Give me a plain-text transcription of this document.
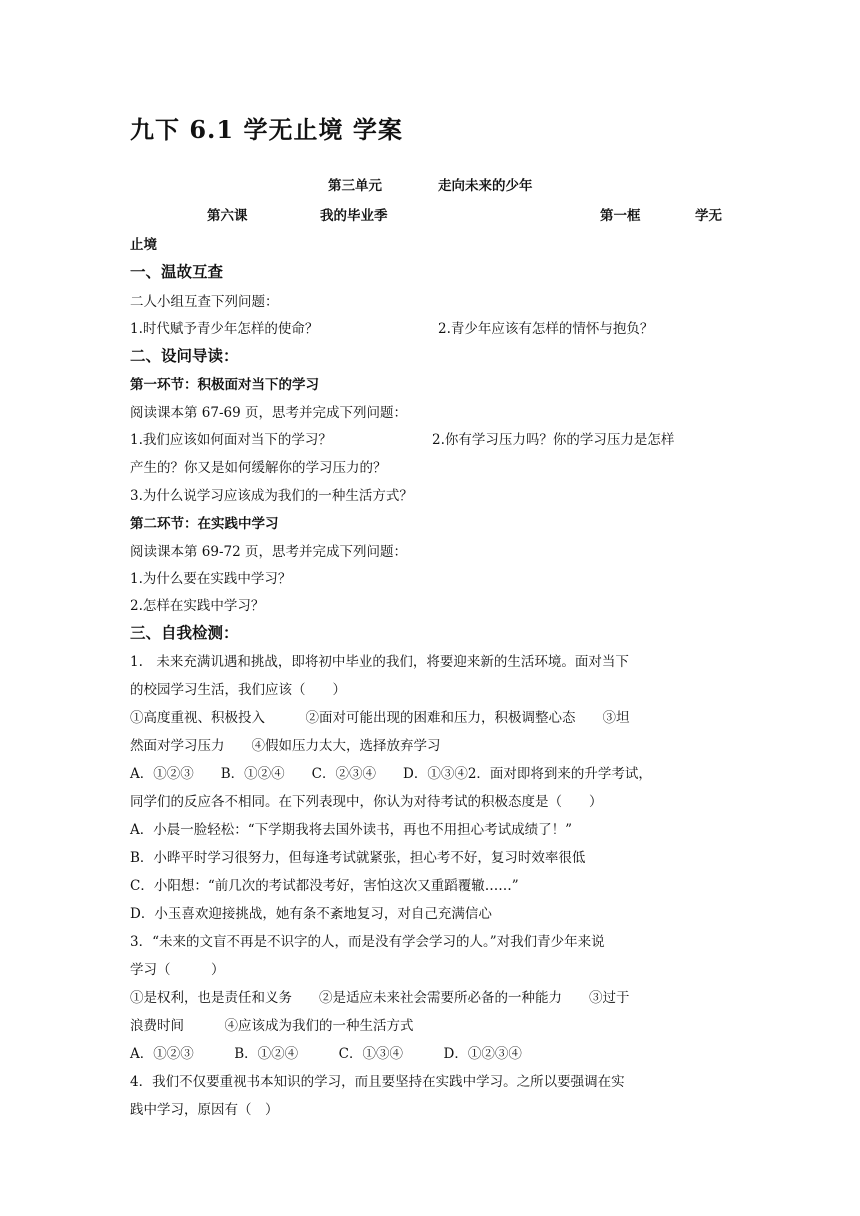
九下 6.1 学无止境 学案
第三单元	走向未来的少年
第六课	我的毕业季	第一框	学无
止境
一、温故互查
二人小组互查下列问题：
1.时代赋予青少年怎样的使命？	2.青少年应该有怎样的情怀与抱负？
二、设问导读：
第一环节：积极面对当下的学习
阅读课本第 67-69 页，思考并完成下列问题：
1.我们应该如何面对当下的学习？	2.你有学习压力吗？你的学习压力是怎样
产生的？你又是如何缓解你的学习压力的？
3.为什么说学习应该成为我们的一种生活方式？
第二环节：在实践中学习
阅读课本第 69-72 页，思考并完成下列问题：
1.为什么要在实践中学习？
2.怎样在实践中学习？
三、自我检测：
1.　未来充满讥遇和挑战，即将初中毕业的我们，将要迎来新的生活环境。面对当下
的校园学习生活，我们应该（　　）
①高度重视、积极投入　　　②面对可能出现的困难和压力，积极调整心态　　③坦
然面对学习压力　　④假如压力太大，选择放弃学习
A．①②③　　B．①②④　　C．②③④　　D．①③④2．面对即将到来的升学考试，
同学们的反应各不相同。在下列表现中，你认为对待考试的积极态度是（　　）
A．小晨一脸轻松：“下学期我将去国外读书，再也不用担心考试成绩了！”
B．小晔平时学习很努力，但每逢考试就紧张，担心考不好，复习时效率很低
C．小阳想：“前几次的考试都没考好，害怕这次又重蹈覆辙……”
D．小玉喜欢迎接挑战，她有条不紊地复习，对自己充满信心
3．“未来的文盲不再是不识字的人，而是没有学会学习的人。”对我们青少年来说
学习（　　　）
①是权利，也是责任和义务　　②是适应未来社会需要所必备的一种能力　　③过于
浪费时间　　　④应该成为我们的一种生活方式
A．①②③　　　B．①②④　　　C．①③④　　　D．①②③④
4．我们不仅要重视书本知识的学习，而且要坚持在实践中学习。之所以要强调在实
践中学习，原因有（　）
